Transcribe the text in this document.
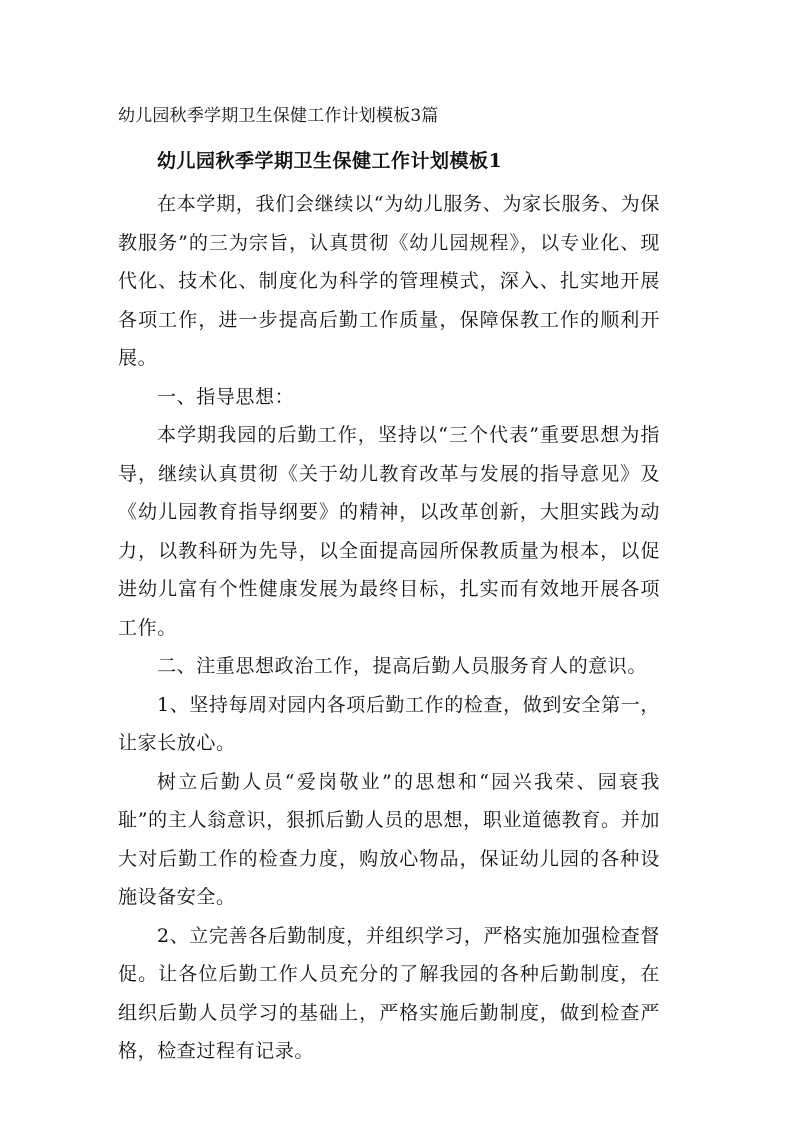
幼儿园秋季学期卫生保健工作计划模板3篇
幼儿园秋季学期卫生保健工作计划模板1

在本学期，我们会继续以“为幼儿服务、为家长服务、为保教服务”的三为宗旨，认真贯彻《幼儿园规程》，以专业化、现代化、技术化、制度化为科学的管理模式，深入、扎实地开展各项工作，进一步提高后勤工作质量，保障保教工作的顺利开展。

一、指导思想：

本学期我园的后勤工作，坚持以“三个代表”重要思想为指导，继续认真贯彻《关于幼儿教育改革与发展的指导意见》及《幼儿园教育指导纲要》的精神，以改革创新，大胆实践为动力，以教科研为先导，以全面提高园所保教质量为根本，以促进幼儿富有个性健康发展为最终目标，扎实而有效地开展各项工作。

二、注重思想政治工作，提高后勤人员服务育人的意识。

1、坚持每周对园内各项后勤工作的检查，做到安全第一，让家长放心。

树立后勤人员“爱岗敬业”的思想和“园兴我荣、园衰我耻”的主人翁意识，狠抓后勤人员的思想，职业道德教育。并加大对后勤工作的检查力度，购放心物品，保证幼儿园的各种设施设备安全。

2、立完善各后勤制度，并组织学习，严格实施加强检查督促。让各位后勤工作人员充分的了解我园的各种后勤制度，在组织后勤人员学习的基础上，严格实施后勤制度，做到检查严格，检查过程有记录。
